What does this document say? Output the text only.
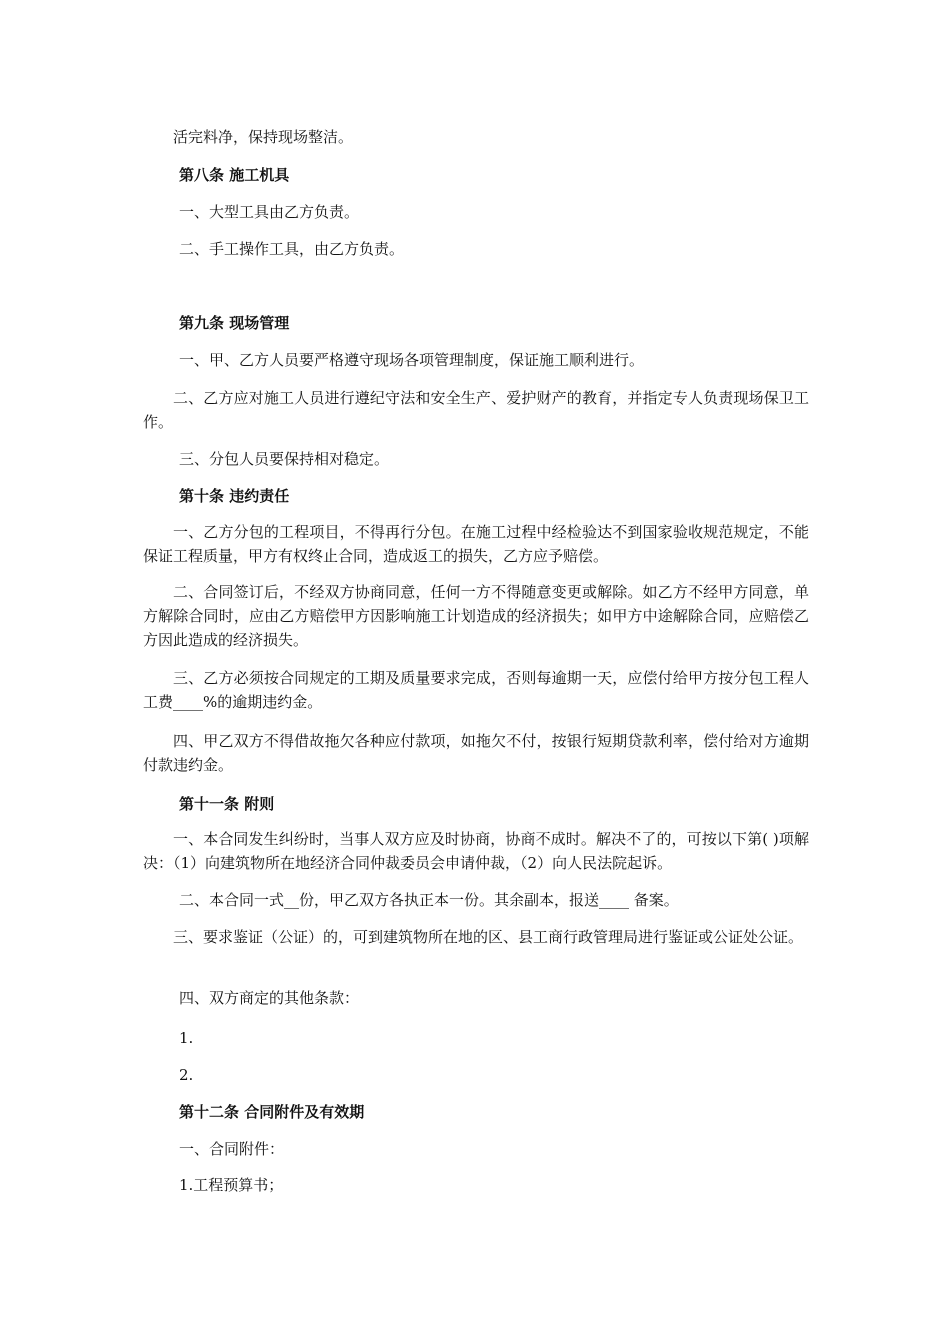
活完料净，保持现场整洁。
第八条 施工机具
一、大型工具由乙方负责。
二、手工操作工具，由乙方负责。
第九条 现场管理
一、甲、乙方人员要严格遵守现场各项管理制度，保证施工顺利进行。
二、乙方应对施工人员进行遵纪守法和安全生产、爱护财产的教育，并指定专人负责现场保卫工作。
三、分包人员要保持相对稳定。
第十条 违约责任
一、乙方分包的工程项目，不得再行分包。在施工过程中经检验达不到国家验收规范规定，不能保证工程质量，甲方有权终止合同，造成返工的损失，乙方应予赔偿。
二、合同签订后，不经双方协商同意，任何一方不得随意变更或解除。如乙方不经甲方同意，单方解除合同时，应由乙方赔偿甲方因影响施工计划造成的经济损失；如甲方中途解除合同，应赔偿乙方因此造成的经济损失。
三、乙方必须按合同规定的工期及质量要求完成，否则每逾期一天，应偿付给甲方按分包工程人工费____%的逾期违约金。
四、甲乙双方不得借故拖欠各种应付款项，如拖欠不付，按银行短期贷款利率，偿付给对方逾期付款违约金。
第十一条 附则
一、本合同发生纠纷时，当事人双方应及时协商，协商不成时。解决不了的，可按以下第( )项解决：（1）向建筑物所在地经济合同仲裁委员会申请仲裁，（2）向人民法院起诉。
二、本合同一式__份，甲乙双方各执正本一份。其余副本，报送____ 备案。
三、要求鉴证（公证）的，可到建筑物所在地的区、县工商行政管理局进行鉴证或公证处公证。
四、双方商定的其他条款：
1.
2.
第十二条 合同附件及有效期
一、合同附件：
1.工程预算书；
